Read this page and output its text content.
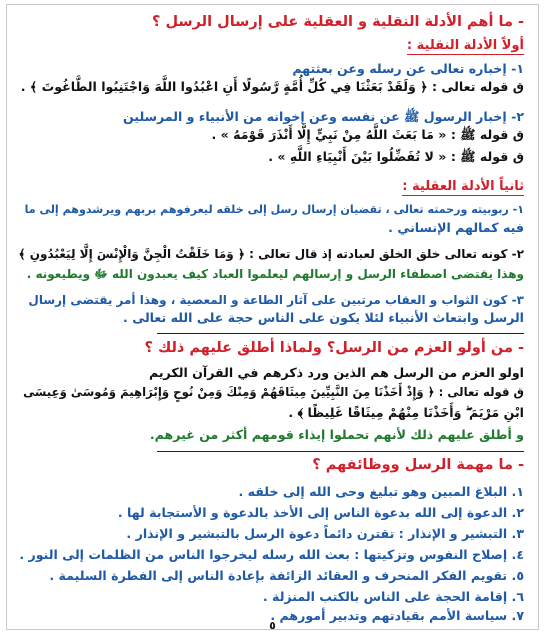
- ما أهم الأدلة النقلية و العقلية على إرسال الرسل ؟
أولاً الأدلة النقلية :
١- إخباره تعالى عن رسله وعن بعثتهم
ق قوله تعالى : ﴿ وَلَقَدْ بَعَثْنَا فِي كُلِّ أُمَّةٍ رَّسُولًا أَنِ اعْبُدُوا اللَّهَ وَاجْتَنِبُوا الطَّاغُوتَ ﴾ .
٢- إخبار الرسول ﷺ عن نفسه وعن إخوانه من الأنبياء و المرسلين
ق قوله ﷺ : « مَا بَعَثَ اللَّهُ مِنْ نَبِيٍّ إِلَّا أَنْذَرَ قَوْمَهُ » .
ق قوله ﷺ : « لا تُفَضِّلُوا بَيْنَ أَنْبِيَاءِ اللَّهِ » .
ثانياً الأدلة العقلية :
١- ربوبيته ورحمته تعالى ، تقضيان إرسال رسل إلى خلقه ليعرفوهم بربهم ويرشدوهم إلى ما
فيه كمالهم الإنساني .
٢- كونه تعالى خلق الخلق لعبادته إذ قال تعالى : ﴿ وَمَا خَلَقْتُ الْجِنَّ وَالْإِنْسَ إِلَّا لِيَعْبُدُونِ ﴾
وهذا يقتضى اصطفاء الرسل و إرسالهم ليعلموا العباد كيف يعبدون الله ﷻ ويطيعونه .
٣- كون الثواب و العقاب مرتبين على آثار الطاعة و المعصية ، وهذا أمر يقتضى إرسال
الرسل وابتعاث الأنبياء لئلا يكون على الناس حجة على الله تعالى .
- من أولو العزم من الرسل؟ ولماذا أطلق عليهم ذلك ؟
اولو العزم من الرسل هم الذين ورد ذكرهم في القرآن الكريم
ق قوله تعالى : ﴿ وَإِذْ أَخَذْنَا مِنَ النَّبِيِّينَ مِيثَاقَهُمْ وَمِنْكَ وَمِنْ نُوحٍ وَإِبْرَاهِيمَ وَمُوسَىٰ وَعِيسَى
ابْنِ مَرْيَمَ ۖ وَأَخَذْنَا مِنْهُمْ مِيثَاقًا غَلِيظًا ﴾ .
و أطلق عليهم ذلك لأنهم تحملوا إيذاء قومهم أكثر من غيرهم.
- ما مهمة الرسل ووظائفهم ؟
١. البلاغ المبين وهو تبليغ وحى الله إلى خلقه .
٢. الدعوة إلى الله بدعوة الناس إلى الأخذ بالدعوة و الأستجابة لها .
٣. التبشير و الإنذار : تقترن دائماً دعوة الرسل بالتبشير و الإنذار .
٤. إصلاح النفوس وتزكيتها : بعث الله رسله ليخرجوا الناس من الظلمات إلى النور .
٥. تقويم الفكر المنحرف و العقائد الزائفة بإعادة الناس إلى الفطرة السليمة .
٦. إقامة الحجة على الناس بالكتب المنزلة .
٧. سياسة الأمم بقيادتهم وتدبير أمورهم .
٥
